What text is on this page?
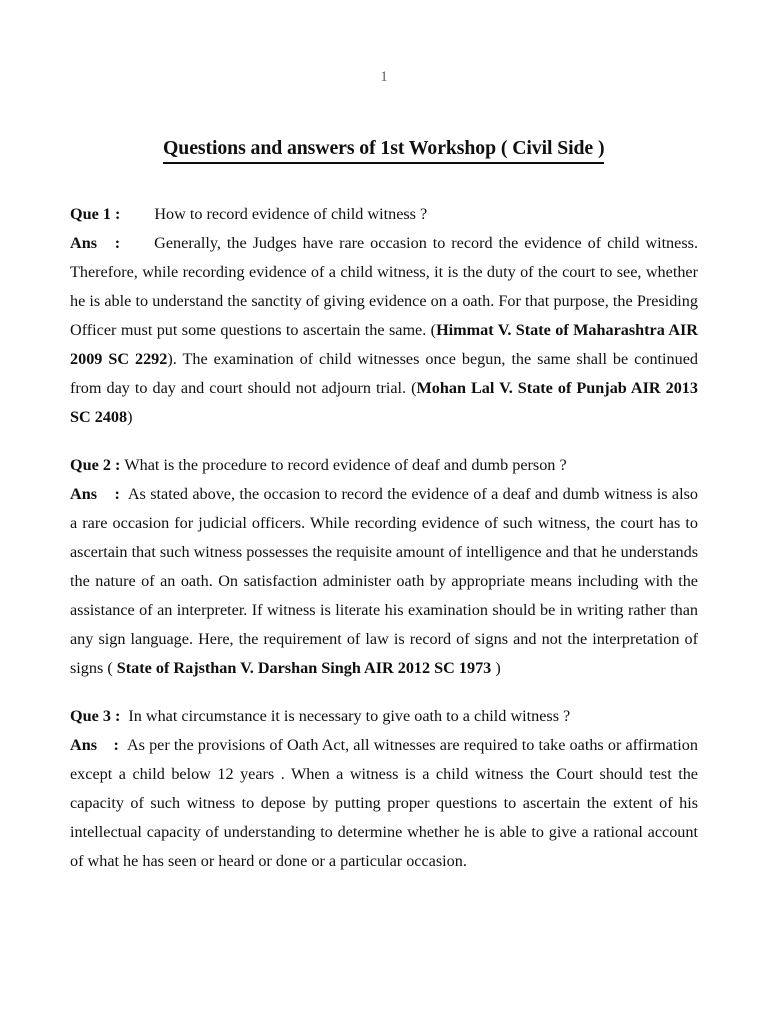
1
Questions and answers of 1st Workshop ( Civil Side )

Que 1 : How to record evidence of child witness ?

Ans   : Generally, the Judges have rare occasion to record the evidence of child witness. Therefore, while recording evidence of a child witness, it is the duty of the court to see, whether he is able to understand the sanctity of giving evidence on a oath. For that purpose, the Presiding Officer must put some questions to ascertain the same. (Himmat V. State of Maharashtra AIR 2009 SC 2292). The examination of child witnesses once begun, the same shall be continued from day to day and court should not adjourn trial. (Mohan Lal V. State of Punjab AIR 2013 SC 2408)

Que 2 : What is the procedure to record evidence of deaf and dumb person ?

Ans    : As stated above, the occasion to record the evidence of a deaf and dumb witness is also a rare occasion for judicial officers. While recording evidence of such witness, the court has to ascertain that such witness possesses the requisite amount of intelligence and that he understands the nature of an oath. On satisfaction administer oath by appropriate means including with the assistance of an interpreter. If witness is literate his examination should be in writing rather than any sign language. Here, the requirement of law is record of signs and not the interpretation of signs ( State of Rajsthan V. Darshan Singh AIR 2012 SC 1973 )

Que 3 : In what circumstance it is necessary to give oath to a child witness ?

Ans    : As per the provisions of Oath Act, all witnesses are required to take oaths or affirmation except a child below 12 years . When a witness is a child witness the Court should test the capacity of such witness to depose by putting proper questions to ascertain the extent of his intellectual capacity of understanding to determine whether he is able to give a rational account of what he has seen or heard or done or a particular occasion.
